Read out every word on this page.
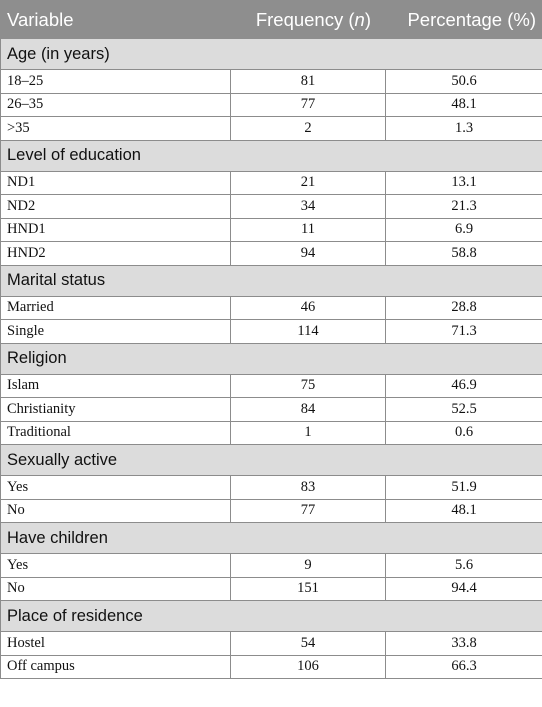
Variable	Frequency (n)	Percentage (%)
Age (in years)		
18–25	81	50.6
26–35	77	48.1
>35	2	1.3
Level of education		
ND1	21	13.1
ND2	34	21.3
HND1	11	6.9
HND2	94	58.8
Marital status		
Married	46	28.8
Single	114	71.3
Religion		
Islam	75	46.9
Christianity	84	52.5
Traditional	1	0.6
Sexually active		
Yes	83	51.9
No	77	48.1
Have children		
Yes	9	5.6
No	151	94.4
Place of residence		
Hostel	54	33.8
Off campus	106	66.3
